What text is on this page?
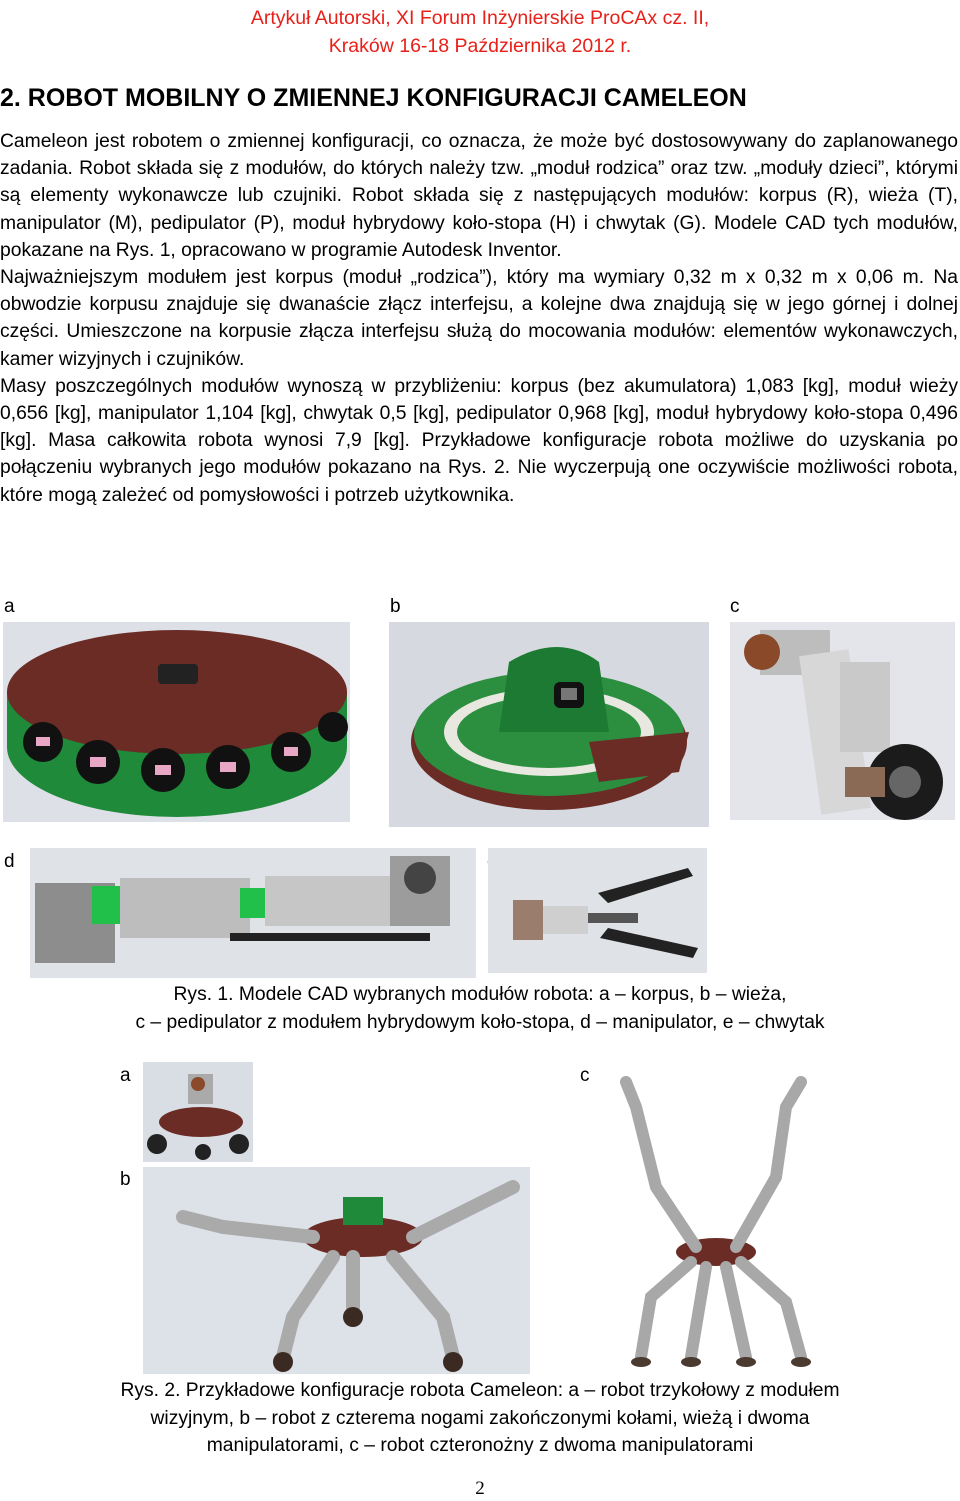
Artykuł Autorski, XI Forum Inżynierskie ProCAx cz. II,
Kraków 16-18 Października 2012 r.
2. ROBOT MOBILNY O ZMIENNEJ KONFIGURACJI CAMELEON

Cameleon jest robotem o zmiennej konfiguracji, co oznacza, że może być dostosowywany do zaplanowanego zadania. Robot składa się z modułów, do których należy tzw. „moduł rodzica” oraz tzw. „moduły dzieci”, którymi są elementy wykonawcze lub czujniki. Robot składa się z następujących modułów: korpus (R), wieża (T), manipulator (M), pedipulator (P), moduł hybrydowy koło-stopa (H) i chwytak (G). Modele CAD tych modułów, pokazane na Rys. 1, opracowano w programie Autodesk Inventor.

Najważniejszym modułem jest korpus (moduł „rodzica”), który ma wymiary 0,32 m x 0,32 m x 0,06 m. Na obwodzie korpusu znajduje się dwanaście złącz interfejsu, a kolejne dwa znajdują się w jego górnej i dolnej części. Umieszczone na korpusie złącza interfejsu służą do mocowania modułów: elementów wykonawczych, kamer wizyjnych i czujników.

Masy poszczególnych modułów wynoszą w przybliżeniu: korpus (bez akumulatora) 1,083 [kg], moduł wieży 0,656 [kg], manipulator 1,104 [kg], chwytak 0,5 [kg], pedipulator 0,968 [kg], moduł hybrydowy koło-stopa 0,496 [kg]. Masa całkowita robota wynosi 7,9 [kg]. Przykładowe konfiguracje robota możliwe do uzyskania po połączeniu wybranych jego modułów pokazano na Rys. 2. Nie wyczerpują one oczywiście możliwości robota, które mogą zależeć od pomysłowości i potrzeb użytkownika.

a	b	c
d
Rys. 1. Modele CAD wybranych modułów robota: a – korpus, b – wieża,
c – pedipulator z modułem hybrydowym koło-stopa, d – manipulator, e – chwytak
a	c
b
Rys. 2. Przykładowe konfiguracje robota Cameleon: a – robot trzykołowy z modułem
wizyjnym, b – robot z czterema nogami zakończonymi kołami, wieżą i dwoma
manipulatorami, c – robot czteronożny z dwoma manipulatorami
2
